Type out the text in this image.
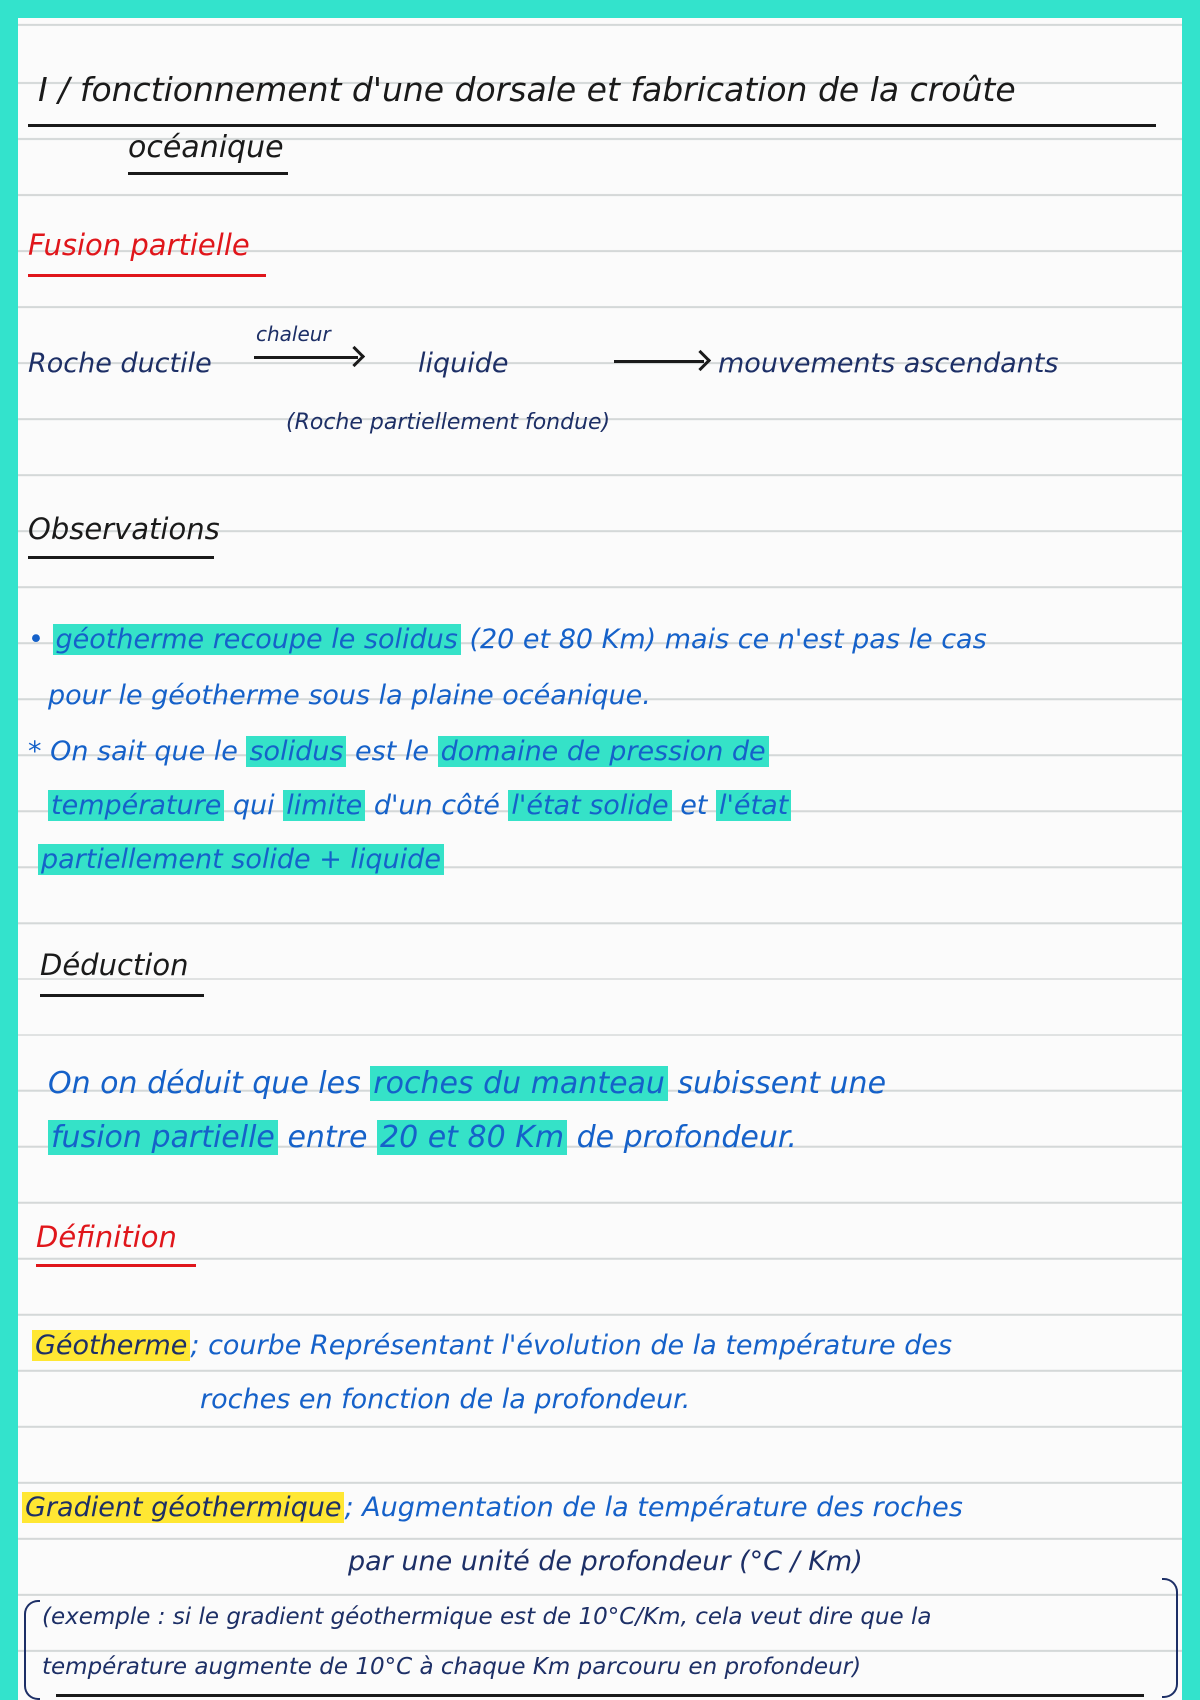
I / fonctionnement d'une dorsale et fabrication de la croûte
océanique
Fusion partielle
Roche ductile
chaleur
liquide	mouvements ascendants
(Roche partiellement fondue)
Observations
• géotherme recoupe le solidus (20 et 80 Km) mais ce n'est pas le cas
pour le géotherme sous la plaine océanique.
* On sait que le solidus est le domaine de pression de
température qui limite d'un côté l'état solide et l'état
partiellement solide + liquide
Déduction
On on déduit que les roches du manteau subissent une
fusion partielle entre 20 et 80 Km de profondeur.
Définition
Géotherme ; courbe Représentant l'évolution de la température des
roches en fonction de la profondeur.
Gradient géothermique ; Augmentation de la température des roches
par une unité de profondeur (°C / Km)
(exemple : si le gradient géothermique est de 10°C/Km, cela veut dire que la
température augmente de 10°C à chaque Km parcouru en profondeur)
